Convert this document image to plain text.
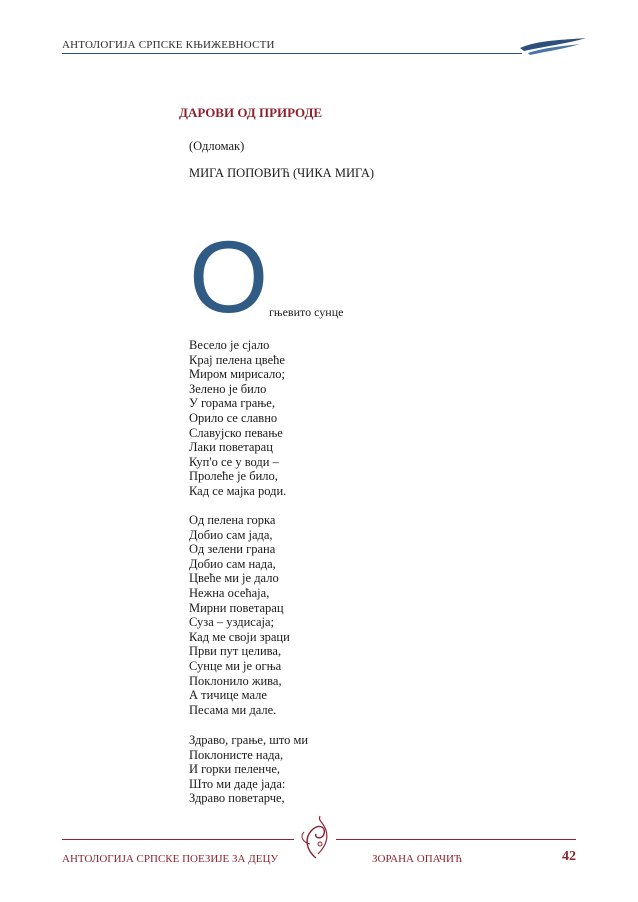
АНТОЛОГИЈА СРПСКЕ КЊИЖЕВНОСТИ
ДАРОВИ ОД ПРИРОДЕ
(Одломак)
МИГА ПОПОВИЋ (ЧИКА МИГА)
О гњевито сунце
Весело је сјало
Крај пелена цвеће
Миром мирисало;
Зелено је било
У горама грање,
Орило се славно
Славујско певање
Лаки поветарац
Куп'о се у води –
Пролеће је било,
Кад се мајка роди.
Од пелена горка
Добио сам јада,
Од зелени грана
Добио сам нада,
Цвеће ми је дало
Нежна осећаја,
Мирни поветарац
Суза – уздисаја;
Кад ме своји зраци
Први пут целива,
Сунце ми је огња
Поклонило жива,
А тичице мале
Песама ми дале.
Здраво, грање, што ми
Поклонисте нада,
И горки пеленче,
Што ми даде јада:
Здраво поветарче,
АНТОЛОГИЈА СРПСКЕ ПОЕЗИЈЕ ЗА ДЕЦУ	ЗОРАНА ОПАЧИЋ	42
